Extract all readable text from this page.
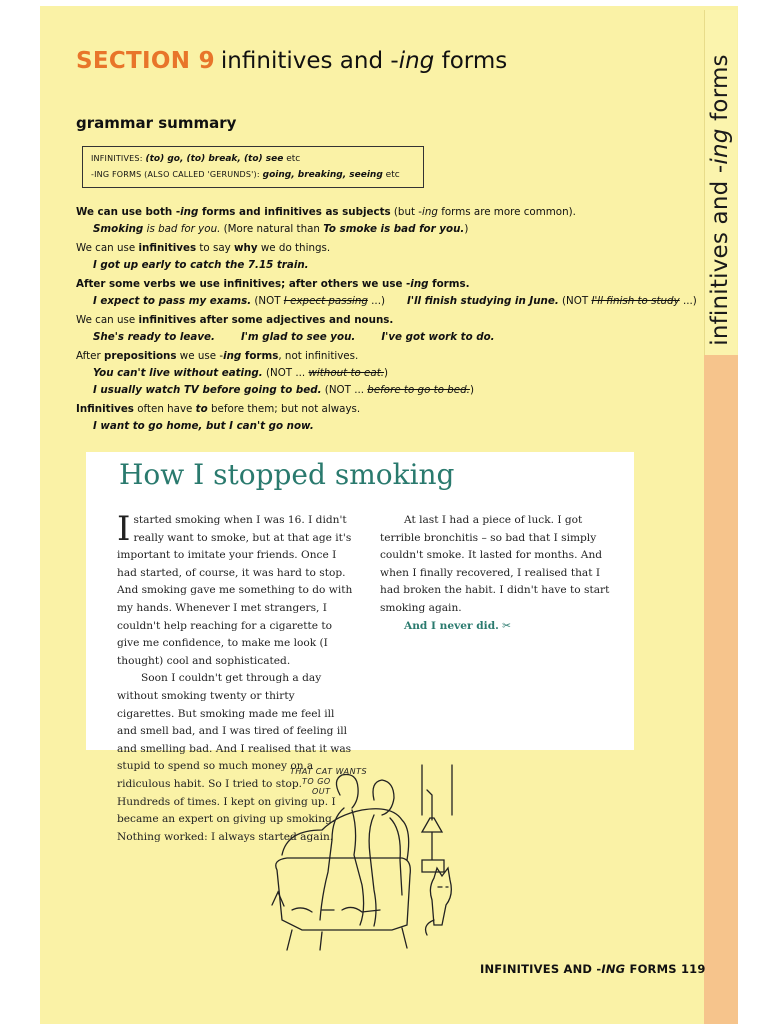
infinitives and -ing forms
SECTION 9 infinitives and -ing forms
grammar summary
INFINITIVES: (to) go, (to) break, (to) see etc
-ING FORMS (ALSO CALLED 'GERUNDS'): going, breaking, seeing etc
We can use both -ing forms and infinitives as subjects (but -ing forms are more common).
Smoking is bad for you. (More natural than To smoke is bad for you.)
We can use infinitives to say why we do things.
I got up early to catch the 7.15 train.
After some verbs we use infinitives; after others we use -ing forms.
I expect to pass my exams. (NOT I expect passing ...) I'll finish studying in June. (NOT I'll finish to study ...)
We can use infinitives after some adjectives and nouns.
She's ready to leave.	I'm glad to see you.	I've got work to do.
After prepositions we use -ing forms, not infinitives.
You can't live without eating. (NOT ... without to eat.)
I usually watch TV before going to bed. (NOT ... before to go to bed.)
Infinitives often have to before them; but not always.
I want to go home, but I can't go now.
How I stopped smoking

Istarted smoking when I was 16. I didn't really want to smoke, but at that age it's important to imitate your friends. Once I had started, of course, it was hard to stop. And smoking gave me something to do with my hands. Whenever I met strangers, I couldn't help reaching for a cigarette to give me confidence, to make me look (I thought) cool and sophisticated.

Soon I couldn't get through a day without smoking twenty or thirty cigarettes. But smoking made me feel ill and smell bad, and I was tired of feeling ill and smelling bad. And I realised that it was stupid to spend so much money on a ridiculous habit. So I tried to stop. Hundreds of times. I kept on giving up. I became an expert on giving up smoking. Nothing worked: I always started again.

At last I had a piece of luck. I got terrible bronchitis – so bad that I simply couldn't smoke. It lasted for months. And when I finally recovered, I realised that I had broken the habit. I didn't have to start smoking again.

And I never did. ✂

THAT CAT WANTS
TO GO
OUT
INFINITIVES AND -ING FORMS 119
